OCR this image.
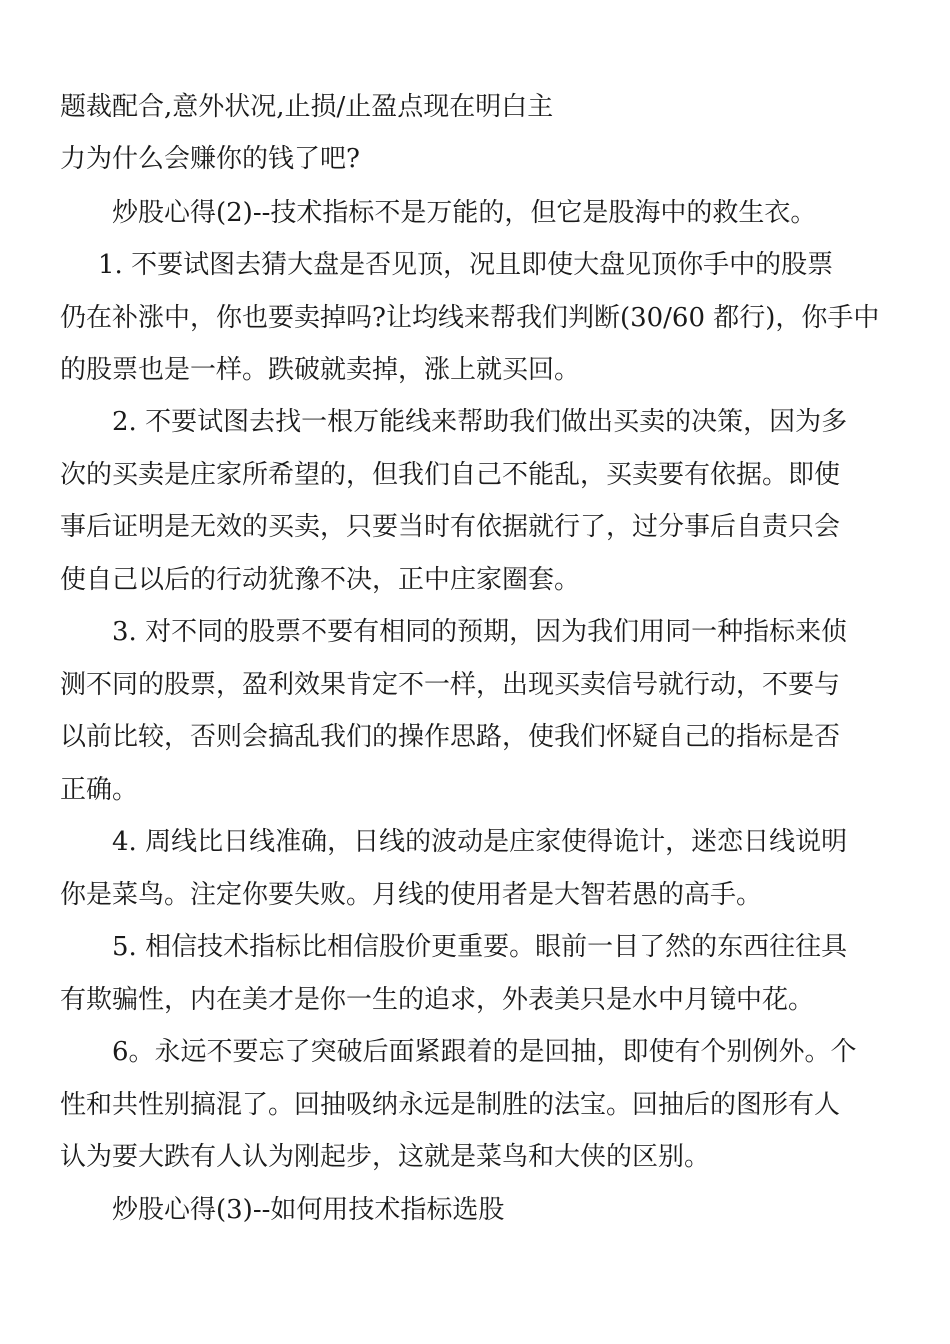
题裁配合,意外状况,止损/止盈点现在明白主
力为什么会赚你的钱了吧?
炒股心得(2)--技术指标不是万能的，但它是股海中的救生衣。
1. 不要试图去猜大盘是否见顶，况且即使大盘见顶你手中的股票
仍在补涨中，你也要卖掉吗?让均线来帮我们判断(30/60 都行)，你手中
的股票也是一样。跌破就卖掉，涨上就买回。
2. 不要试图去找一根万能线来帮助我们做出买卖的决策，因为多
次的买卖是庄家所希望的，但我们自己不能乱，买卖要有依据。即使
事后证明是无效的买卖，只要当时有依据就行了，过分事后自责只会
使自己以后的行动犹豫不决，正中庄家圈套。
3. 对不同的股票不要有相同的预期，因为我们用同一种指标来侦
测不同的股票，盈利效果肯定不一样，出现买卖信号就行动，不要与
以前比较，否则会搞乱我们的操作思路，使我们怀疑自己的指标是否
正确。
4. 周线比日线准确，日线的波动是庄家使得诡计，迷恋日线说明
你是菜鸟。注定你要失败。月线的使用者是大智若愚的高手。
5. 相信技术指标比相信股价更重要。眼前一目了然的东西往往具
有欺骗性，内在美才是你一生的追求，外表美只是水中月镜中花。
6。永远不要忘了突破后面紧跟着的是回抽，即使有个别例外。个
性和共性别搞混了。回抽吸纳永远是制胜的法宝。回抽后的图形有人
认为要大跌有人认为刚起步，这就是菜鸟和大侠的区别。
炒股心得(3)--如何用技术指标选股
